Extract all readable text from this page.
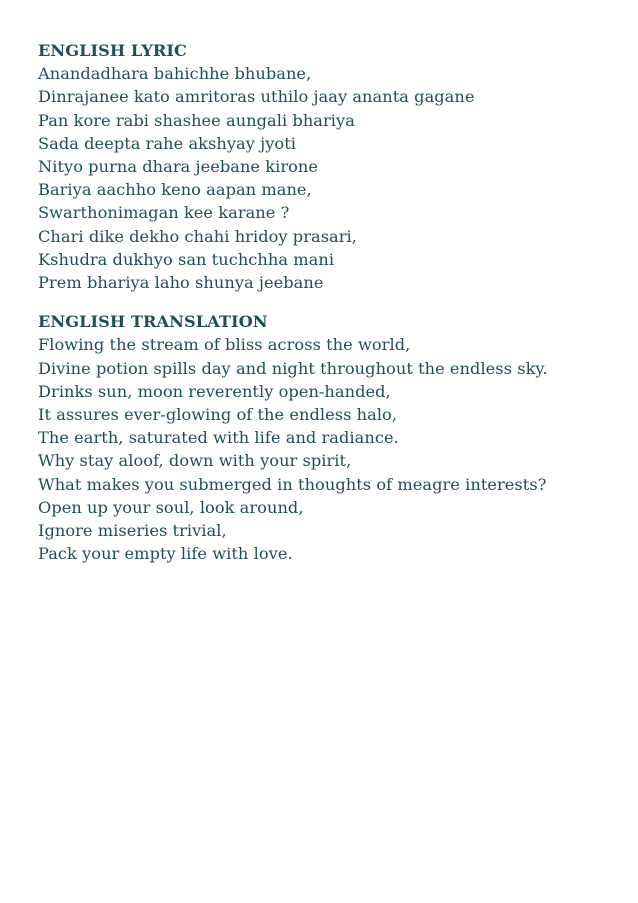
ENGLISH LYRIC

Anandadhara bahichhe bhubane,
Dinrajanee kato amritoras uthilo jaay ananta gagane
Pan kore rabi shashee aungali bhariya
Sada deepta rahe akshyay jyoti
Nityo purna dhara jeebane kirone
Bariya aachho keno aapan mane,
Swarthonimagan kee karane ?
Chari dike dekho chahi hridoy prasari,
Kshudra dukhyo san tuchchha mani
Prem bhariya laho shunya jeebane

ENGLISH TRANSLATION

Flowing the stream of bliss across the world,
Divine potion spills day and night throughout the endless sky.
Drinks sun, moon reverently open-handed,
It assures ever-glowing of the endless halo,
The earth, saturated with life and radiance.
Why stay aloof, down with your spirit,
What makes you submerged in thoughts of meagre interests?
Open up your soul, look around,
Ignore miseries trivial,
Pack your empty life with love.
